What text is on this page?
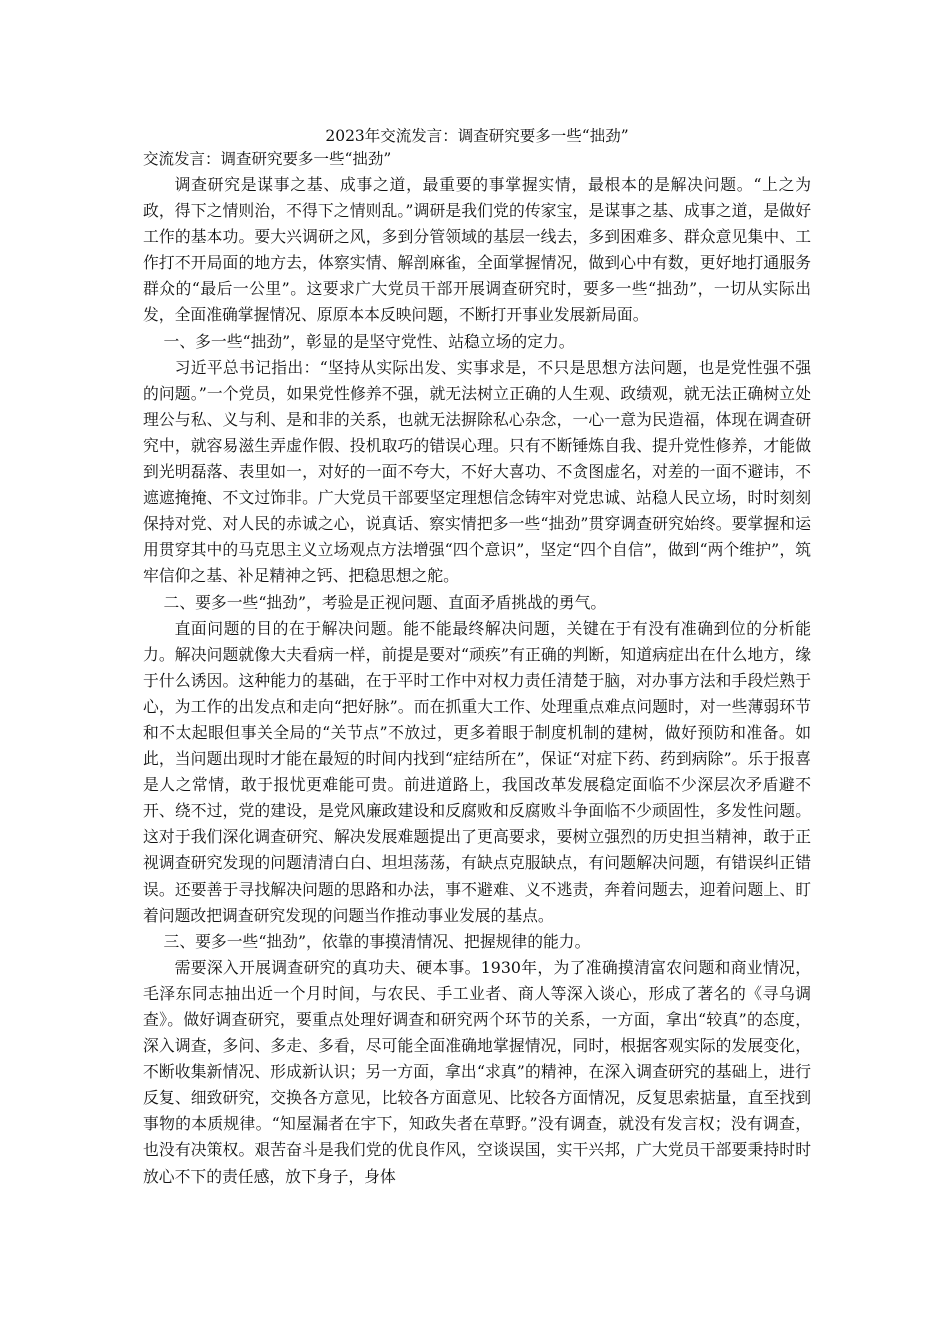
2023年交流发言：调查研究要多一些“拙劲”
交流发言：调查研究要多一些“拙劲”

调查研究是谋事之基、成事之道，最重要的事掌握实情，最根本的是解决问题。“上之为政，得下之情则治，不得下之情则乱。”调研是我们党的传家宝，是谋事之基、成事之道，是做好工作的基本功。要大兴调研之风，多到分管领域的基层一线去，多到困难多、群众意见集中、工作打不开局面的地方去，体察实情、解剖麻雀，全面掌握情况，做到心中有数，更好地打通服务群众的“最后一公里”。这要求广大党员干部开展调查研究时，要多一些“拙劲”，一切从实际出发，全面准确掌握情况、原原本本反映问题，不断打开事业发展新局面。

一、多一些“拙劲”，彰显的是坚守党性、站稳立场的定力。

习近平总书记指出：“坚持从实际出发、实事求是，不只是思想方法问题，也是党性强不强的问题。”一个党员，如果党性修养不强，就无法树立正确的人生观、政绩观，就无法正确树立处理公与私、义与利、是和非的关系，也就无法摒除私心杂念，一心一意为民造福，体现在调查研究中，就容易滋生弄虚作假、投机取巧的错误心理。只有不断锤炼自我、提升党性修养，才能做到光明磊落、表里如一，对好的一面不夸大，不好大喜功、不贪图虚名，对差的一面不避讳，不遮遮掩掩、不文过饰非。广大党员干部要坚定理想信念铸牢对党忠诚、站稳人民立场，时时刻刻保持对党、对人民的赤诚之心，说真话、察实情把多一些“拙劲”贯穿调查研究始终。要掌握和运用贯穿其中的马克思主义立场观点方法增强“四个意识”，坚定“四个自信”，做到“两个维护”，筑牢信仰之基、补足精神之钙、把稳思想之舵。

二、要多一些“拙劲”，考验是正视问题、直面矛盾挑战的勇气。

直面问题的目的在于解决问题。能不能最终解决问题，关键在于有没有准确到位的分析能力。解决问题就像大夫看病一样，前提是要对“顽疾”有正确的判断，知道病症出在什么地方，缘于什么诱因。这种能力的基础，在于平时工作中对权力责任清楚于脑，对办事方法和手段烂熟于心，为工作的出发点和走向“把好脉”。而在抓重大工作、处理重点难点问题时，对一些薄弱环节和不太起眼但事关全局的“关节点”不放过，更多着眼于制度机制的建树，做好预防和准备。如此，当问题出现时才能在最短的时间内找到“症结所在”，保证“对症下药、药到病除”。乐于报喜是人之常情，敢于报忧更难能可贵。前进道路上，我国改革发展稳定面临不少深层次矛盾避不开、绕不过，党的建设，是党风廉政建设和反腐败和反腐败斗争面临不少顽固性，多发性问题。这对于我们深化调查研究、解决发展难题提出了更高要求，要树立强烈的历史担当精神，敢于正视调查研究发现的问题清清白白、坦坦荡荡，有缺点克服缺点，有问题解决问题，有错误纠正错误。还要善于寻找解决问题的思路和办法，事不避难、义不逃责，奔着问题去，迎着问题上、盯着问题改把调查研究发现的问题当作推动事业发展的基点。

三、要多一些“拙劲”，依靠的事摸清情况、把握规律的能力。

需要深入开展调查研究的真功夫、硬本事。1930年，为了准确摸清富农问题和商业情况，毛泽东同志抽出近一个月时间，与农民、手工业者、商人等深入谈心，形成了著名的《寻乌调查》。做好调查研究，要重点处理好调查和研究两个环节的关系，一方面，拿出“较真”的态度，深入调查，多问、多走、多看，尽可能全面准确地掌握情况，同时，根据客观实际的发展变化，不断收集新情况、形成新认识；另一方面，拿出“求真”的精神，在深入调查研究的基础上，进行反复、细致研究，交换各方意见，比较各方面意见、比较各方面情况，反复思索掂量，直至找到事物的本质规律。“知屋漏者在宇下，知政失者在草野。”没有调查，就没有发言权；没有调查，也没有决策权。艰苦奋斗是我们党的优良作风，空谈误国，实干兴邦，广大党员干部要秉持时时放心不下的责任感，放下身子，身体
